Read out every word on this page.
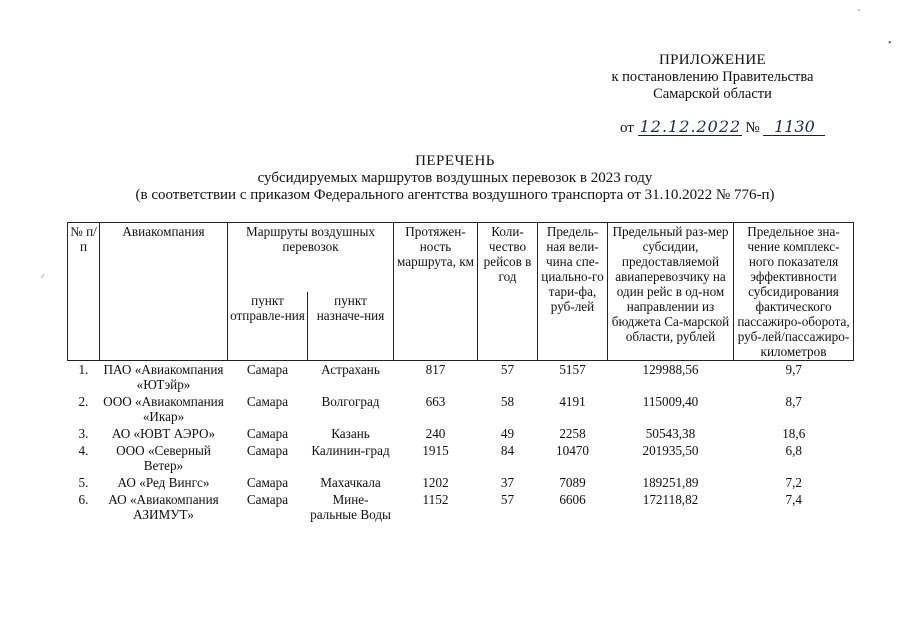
ПРИЛОЖЕНИЕ
к постановлению Правительства
Самарской области
от 12.12.2022 № 1130
ПЕРЕЧЕНЬ
субсидируемых маршрутов воздушных перевозок в 2023 году
(в соответствии с приказом Федерального агентства воздушного транспорта от 31.10.2022 № 776-п)
№ п/п	Авиакомпания	Маршруты воздушных перевозок		Протяжен-ность маршрута, км	Коли-чество рейсов в год	Предель-ная вели-чина спе-циально-го тари-фа, руб-лей	Предельный раз-мер субсидии, предоставляемой авиаперевозчику на один рейс в од-ном направлении из бюджета Са-марской области, рублей	Предельное зна-чение комплекс-ного показателя эффективности субсидирования фактического пассажиро-оборота, руб-лей/пассажиро-километров
		пункт отправле-ния	пункт назначе-ния					
1.	ПАО «Авиакомпания «ЮТэйр»	Самара	Астрахань	817	57	5157	129988,56	9,7
2.	ООО «Авиакомпания «Икар»	Самара	Волгоград	663	58	4191	115009,40	8,7
3.	АО «ЮВТ АЭРО»	Самара	Казань	240	49	2258	50543,38	18,6
4.	ООО «Северный Ветер»	Самара	Калинин-град	1915	84	10470	201935,50	6,8
5.	АО «Ред Вингс»	Самара	Махачкала	1202	37	7089	189251,89	7,2
6.	АО «Авиакомпания АЗИМУТ»	Самара	Мине-ральные Воды	1152	57	6606	172118,82	7,4
'
•
⸝
